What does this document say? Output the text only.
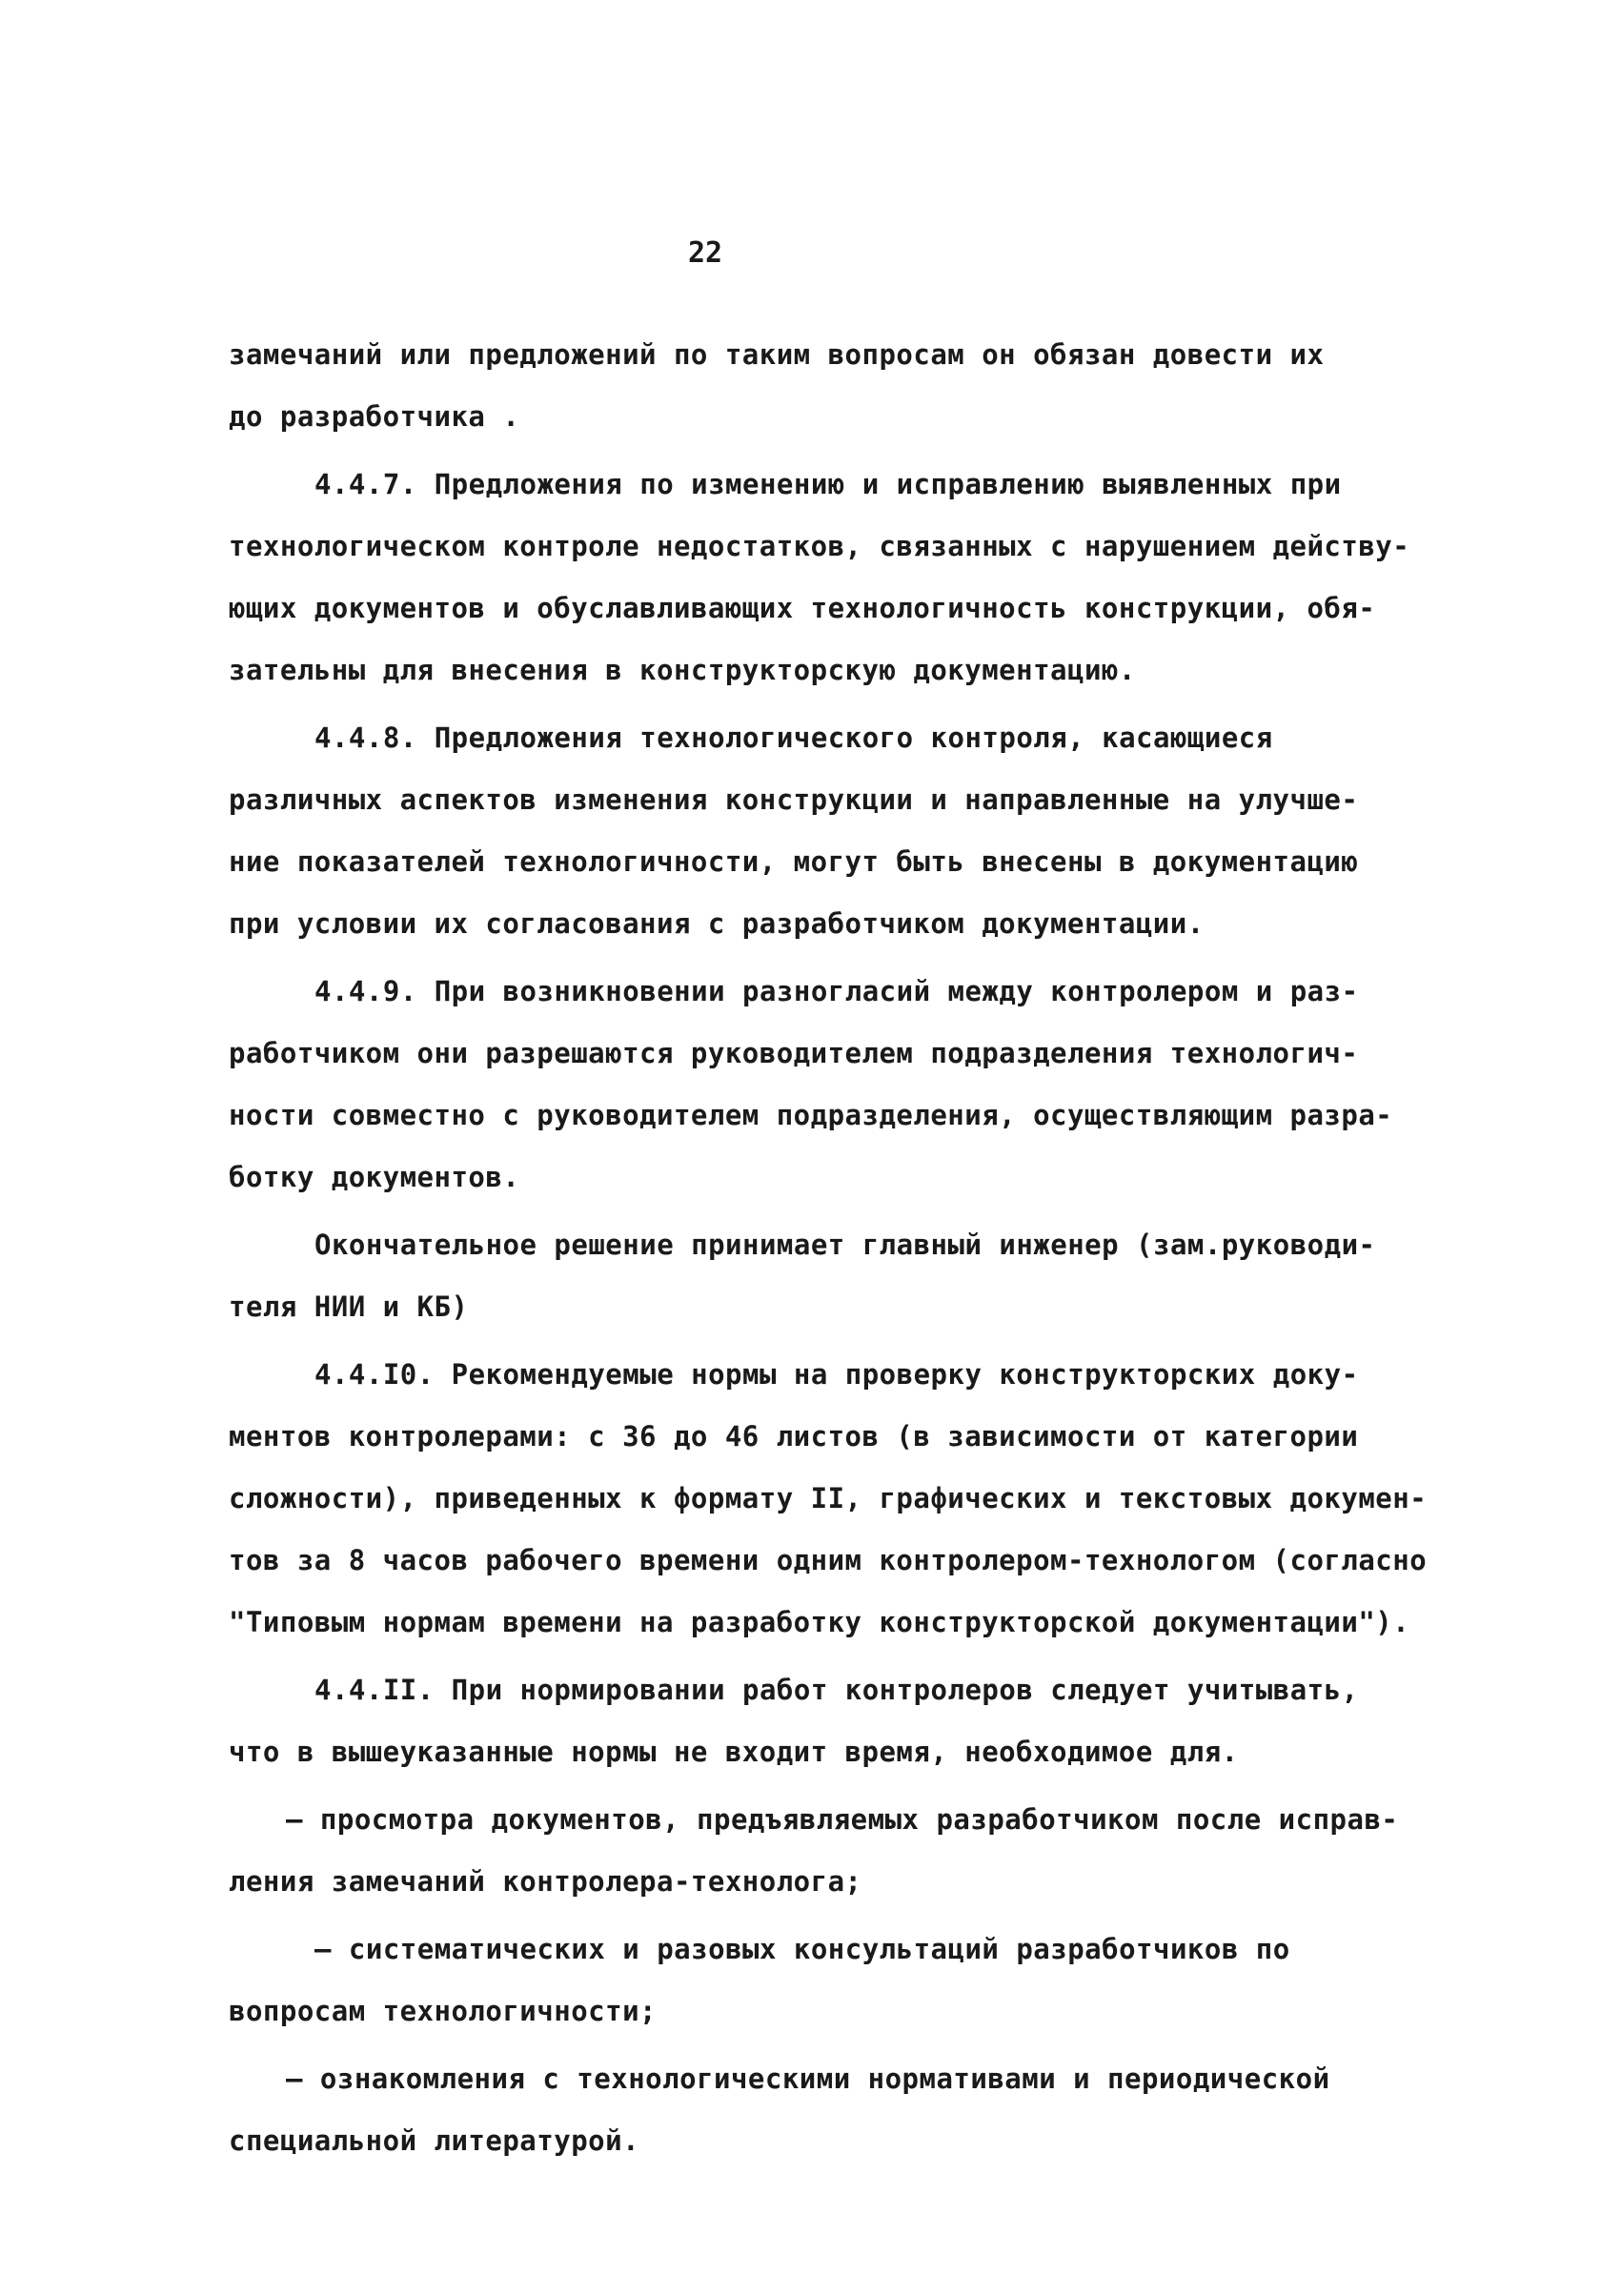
22
замечаний или предложений по таким вопросам он обязан довести их
до разработчика .
4.4.7. Предложения по изменению и исправлению выявленных при
технологическом контроле недостатков, связанных с нарушением действу-
ющих документов и обуславливающих технологичность конструкции, обя-
зательны для внесения в конструкторскую документацию.
4.4.8. Предложения технологического контроля, касающиеся
различных аспектов изменения конструкции и направленные на улучше-
ние показателей технологичности, могут быть внесены в документацию
при условии их согласования с разработчиком документации.
4.4.9. При возникновении разногласий между контролером и раз-
работчиком они разрешаются руководителем подразделения технологич-
ности совместно с руководителем подразделения, осуществляющим разра-
ботку документов.
Окончательное решение принимает главный инженер (зам.руководи-
теля НИИ и КБ)
4.4.I0. Рекомендуемые нормы на проверку конструкторских доку-
ментов контролерами: с 36 до 46 листов (в зависимости от категории
сложности), приведенных к формату II, графических и текстовых докумен-
тов за 8 часов рабочего времени одним контролером-технологом (согласно
"Типовым нормам времени на разработку конструкторской документации").
4.4.II. При нормировании работ контролеров следует учитывать,
что в вышеуказанные нормы не входит время, необходимое для.
– просмотра документов, предъявляемых разработчиком после исправ-
ления замечаний контролера-технолога;
— систематических и разовых консультаций разработчиков по
вопросам технологичности;
— ознакомления с технологическими нормативами и периодической
специальной литературой.
